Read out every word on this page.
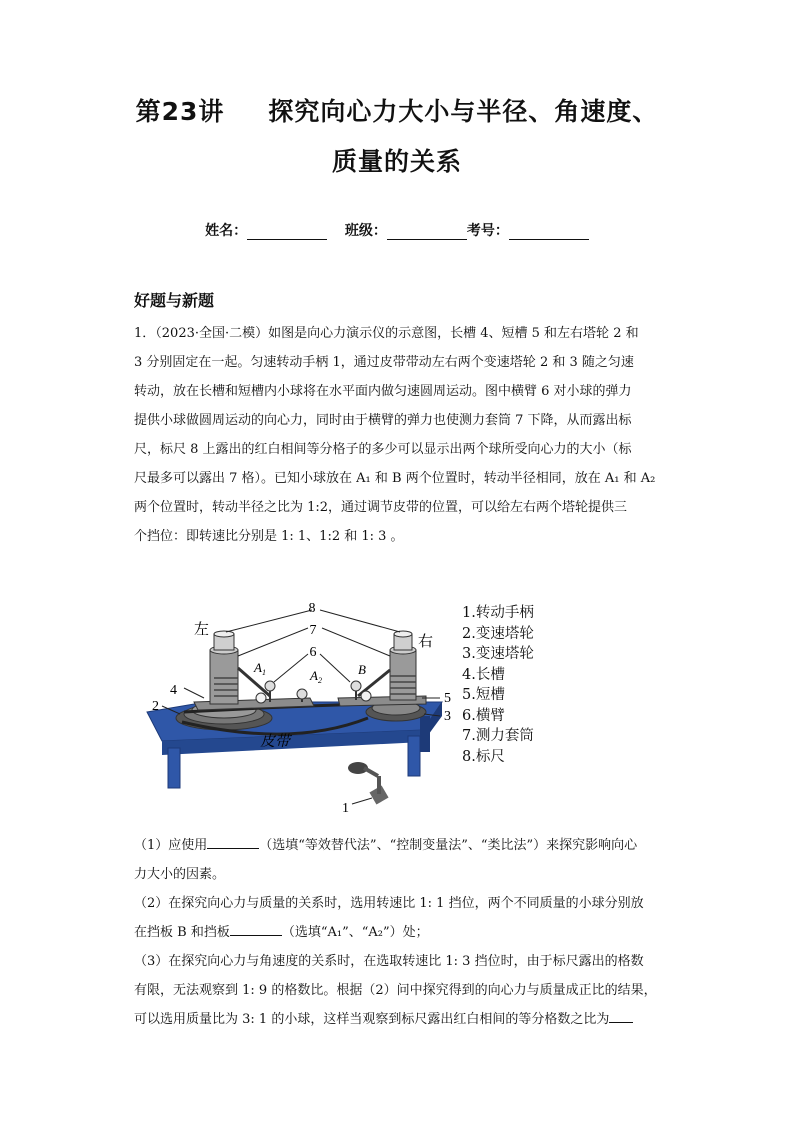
第23讲 探究向心力大小与半径、角速度、
质量的关系
姓名：	班级：	考号：
好题与新题
1．（2023·全国·二模）如图是向心力演示仪的示意图，长槽 4、短槽 5 和左右塔轮 2 和
3 分别固定在一起。匀速转动手柄 1，通过皮带带动左右两个变速塔轮 2 和 3 随之匀速
转动，放在长槽和短槽内小球将在水平面内做匀速圆周运动。图中横臂 6 对小球的弹力
提供小球做圆周运动的向心力，同时由于横臂的弹力也使测力套筒 7 下降，从而露出标
尺，标尺 8 上露出的红白相间等分格子的多少可以显示出两个球所受向心力的大小（标
尺最多可以露出 7 格）。已知小球放在 A₁ 和 B 两个位置时，转动半径相同，放在 A₁ 和 A₂
两个位置时，转动半径之比为 1:2，通过调节皮带的位置，可以给左右两个塔轮提供三
个挡位：即转速比分别是 1: 1、1:2 和 1: 3 。
8
7
6
左
右
4
2
5
3
1
皮带
$A_1$	$A_2$
B
1.转动手柄
2.变速塔轮
3.变速塔轮
4.长槽
5.短槽
6.横臂
7.测力套筒
8.标尺
（1）应使用	（选填“等效替代法”、“控制变量法”、“类比法”）来探究影响向心
力大小的因素。
（2）在探究向心力与质量的关系时，选用转速比 1: 1 挡位，两个不同质量的小球分别放
在挡板 B 和挡板	（选填“A₁”、“A₂”）处；
（3）在探究向心力与角速度的关系时，在选取转速比 1: 3 挡位时，由于标尺露出的格数
有限，无法观察到 1: 9 的格数比。根据（2）问中探究得到的向心力与质量成正比的结果，
可以选用质量比为 3: 1 的小球，这样当观察到标尺露出红白相间的等分格数之比为
